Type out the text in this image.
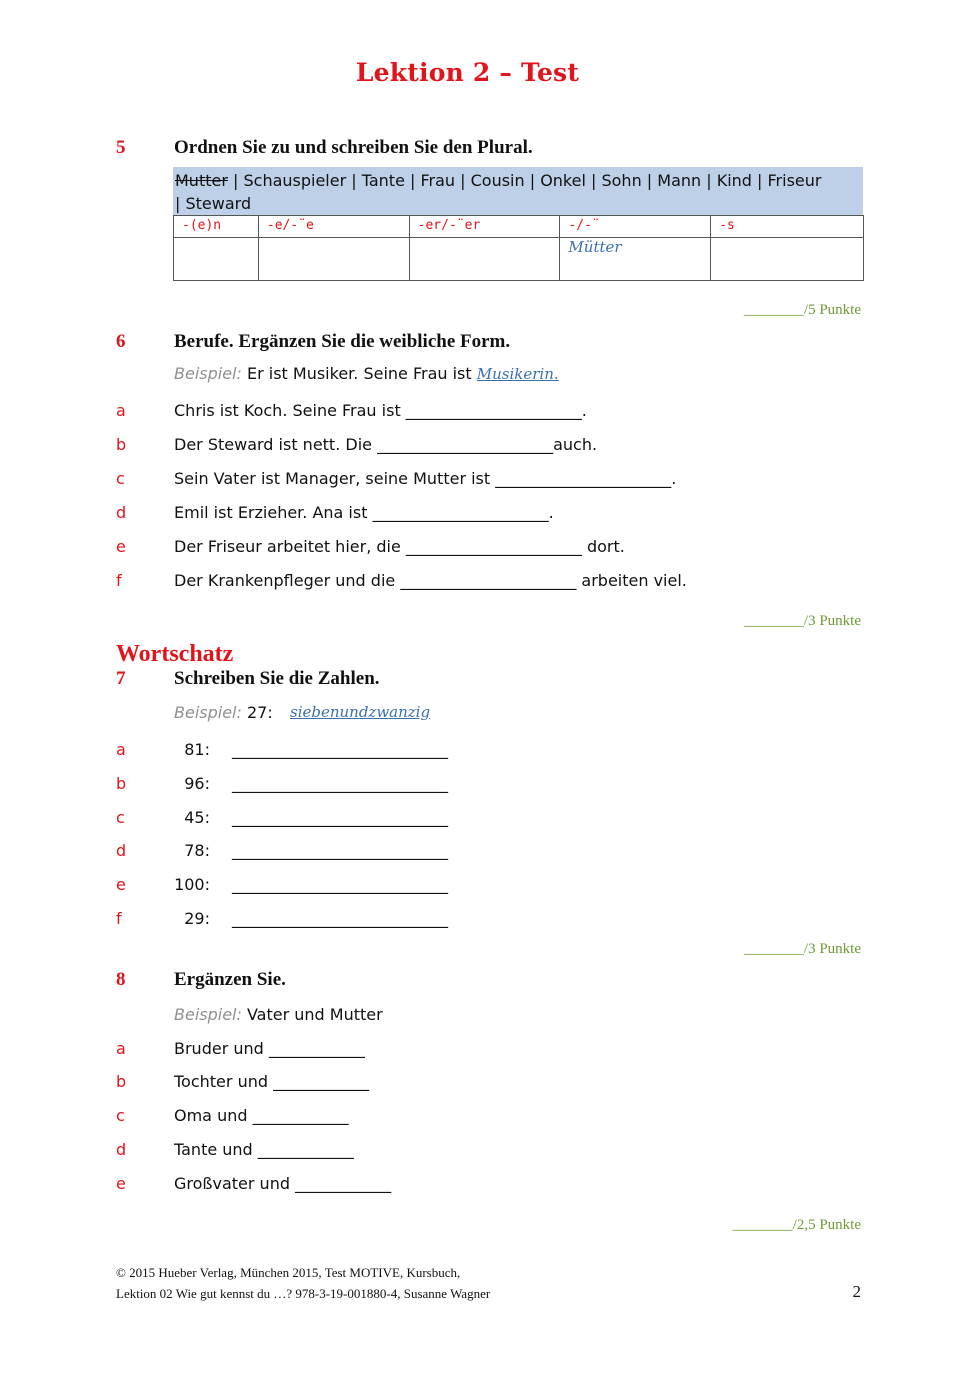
Lektion 2 – Test
5	Ordnen Sie zu und schreiben Sie den Plural.
Mutter | Schauspieler | Tante | Frau | Cousin | Onkel | Sohn | Mann | Kind | Friseur
| Steward
-(e)n	-e/-¨e	-er/-¨er	-/-¨	-s
			Mütter	
________/5 Punkte
6	Berufe. Ergänzen Sie die weibliche Form.
Beispiel: Er ist Musiker. Seine Frau ist Musikerin.
a	Chris ist Koch. Seine Frau ist ______________________.
b	Der Steward ist nett. Die ______________________auch.
c	Sein Vater ist Manager, seine Mutter ist ______________________.
d	Emil ist Erzieher. Ana ist ______________________.
e	Der Friseur arbeitet hier, die ______________________ dort.
f	Der Krankenpfleger und die ______________________ arbeiten viel.
________/3 Punkte
Wortschatz
7	Schreiben Sie die Zahlen.
Beispiel: 27: siebenundzwanzig
a	81: ___________________________
b	96: ___________________________
c	45: ___________________________
d	78: ___________________________
e	100: ___________________________
f	29: ___________________________
________/3 Punkte
8	Ergänzen Sie.
Beispiel: Vater und Mutter
a	Bruder und ____________
b	Tochter und ____________
c	Oma und ____________
d	Tante und ____________
e	Großvater und ____________
________/2,5 Punkte
© 2015 Hueber Verlag, München 2015, Test MOTIVE, Kursbuch,
Lektion 02 Wie gut kennst du …? 978-3-19-001880-4, Susanne Wagner	2
